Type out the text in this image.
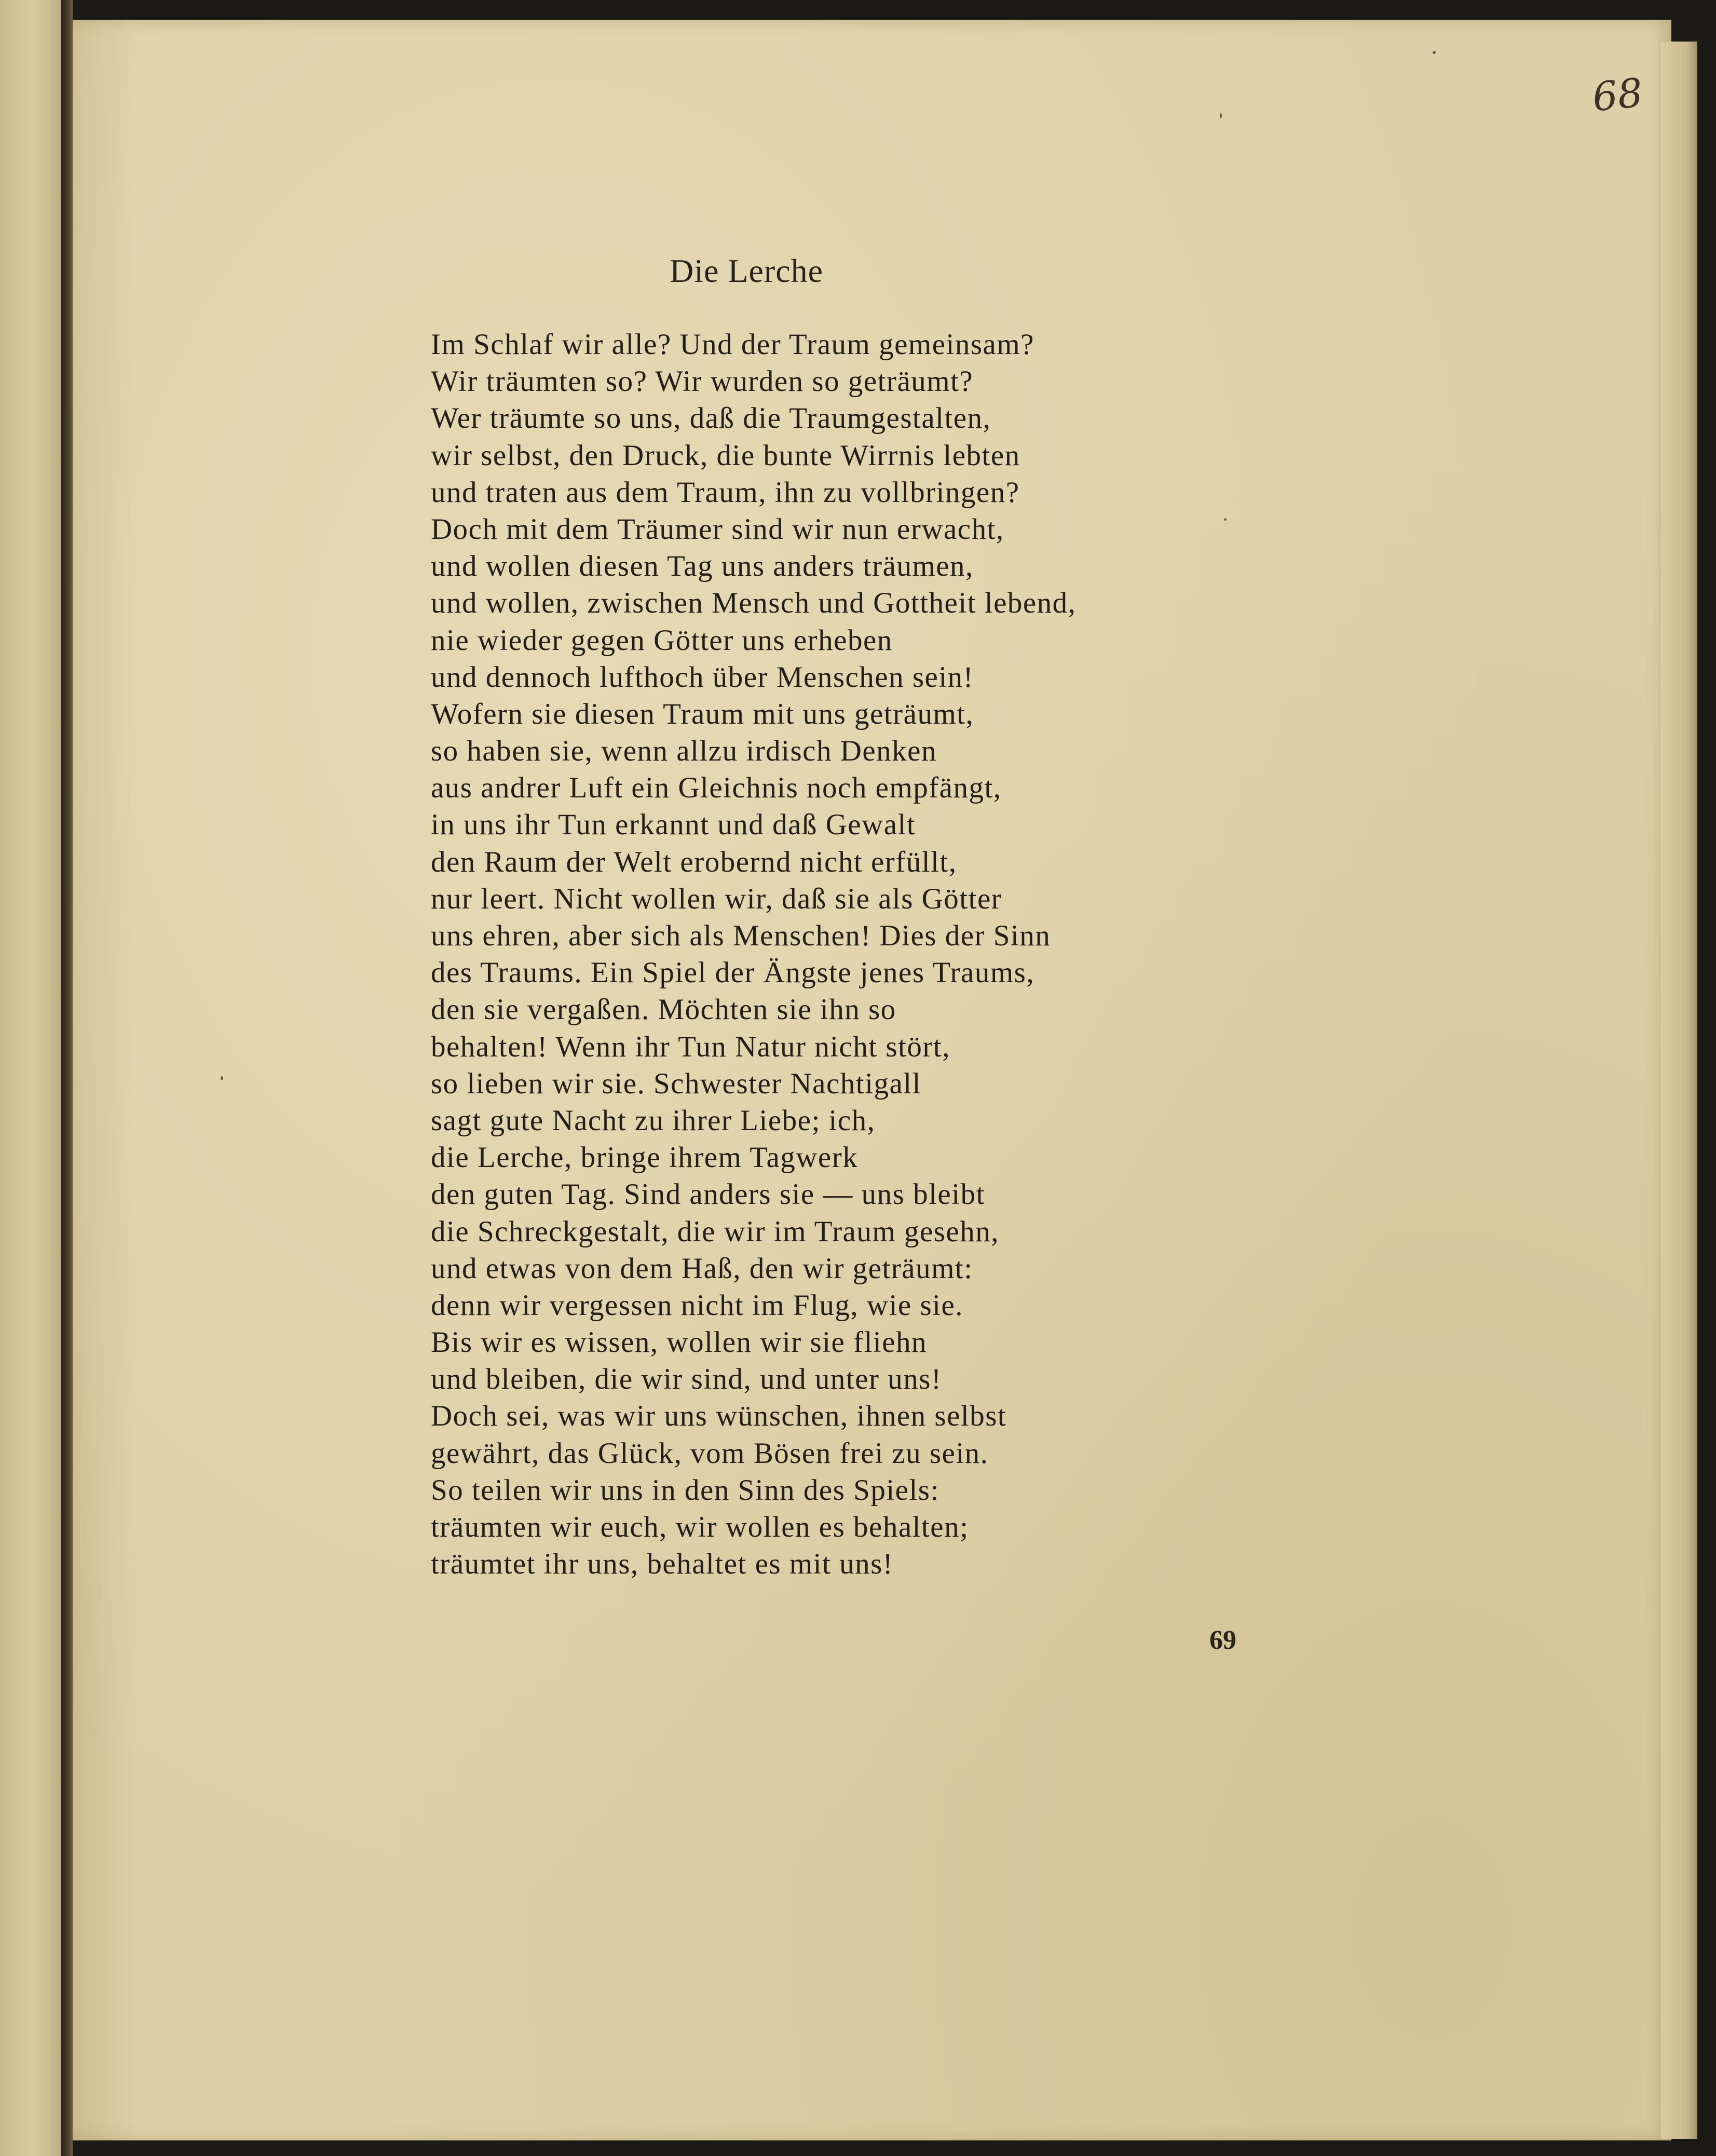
68
Die Lerche
Im Schlaf wir alle? Und der Traum gemeinsam?
Wir träumten so? Wir wurden so geträumt?
Wer träumte so uns, daß die Traumgestalten,
wir selbst, den Druck, die bunte Wirrnis lebten
und traten aus dem Traum, ihn zu vollbringen?
Doch mit dem Träumer sind wir nun erwacht,
und wollen diesen Tag uns anders träumen,
und wollen, zwischen Mensch und Gottheit lebend,
nie wieder gegen Götter uns erheben
und dennoch lufthoch über Menschen sein!
Wofern sie diesen Traum mit uns geträumt,
so haben sie, wenn allzu irdisch Denken
aus andrer Luft ein Gleichnis noch empfängt,
in uns ihr Tun erkannt und daß Gewalt
den Raum der Welt erobernd nicht erfüllt,
nur leert. Nicht wollen wir, daß sie als Götter
uns ehren, aber sich als Menschen! Dies der Sinn
des Traums. Ein Spiel der Ängste jenes Traums,
den sie vergaßen. Möchten sie ihn so
behalten! Wenn ihr Tun Natur nicht stört,
so lieben wir sie. Schwester Nachtigall
sagt gute Nacht zu ihrer Liebe; ich,
die Lerche, bringe ihrem Tagwerk
den guten Tag. Sind anders sie — uns bleibt
die Schreckgestalt, die wir im Traum gesehn,
und etwas von dem Haß, den wir geträumt:
denn wir vergessen nicht im Flug, wie sie.
Bis wir es wissen, wollen wir sie fliehn
und bleiben, die wir sind, und unter uns!
Doch sei, was wir uns wünschen, ihnen selbst
gewährt, das Glück, vom Bösen frei zu sein.
So teilen wir uns in den Sinn des Spiels:
träumten wir euch, wir wollen es behalten;
träumtet ihr uns, behaltet es mit uns!
69
